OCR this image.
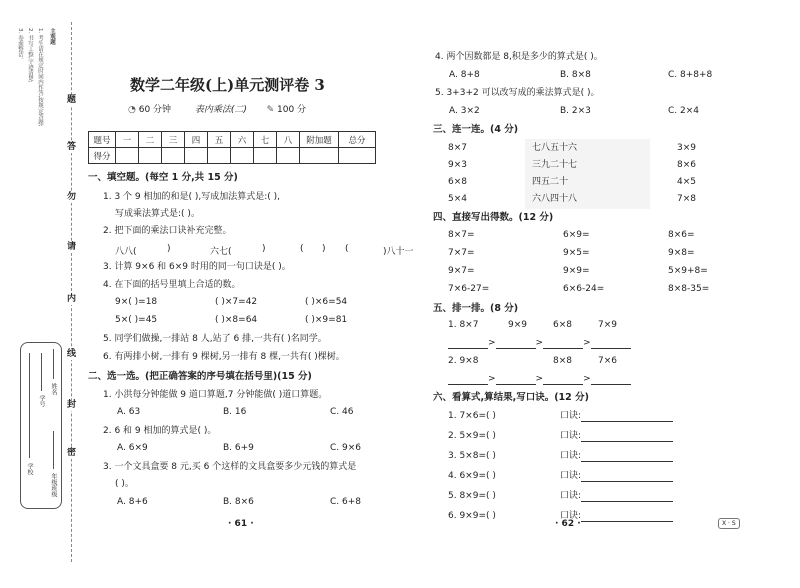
题
答
勿
请
内
线
封
密
主观题
1. 考生请在规定时间内作答,按规定答题;
2. 书写工整,字迹清楚;
3. 卷面整洁。
学校
年级班级
姓名
学号
数学二年级(上)单元测评卷 3
◔ 60 分钟	表内乘法(二) ✎ 100 分
题号	一	二	三	四	五	六	七	八	附加题	总分
得分										
一、填空题。(每空 1 分,共 15 分)
1. 3 个 9 相加的和是( ),写成加法算式是:( ),
写成乘法算式是:( )。
2. 把下面的乘法口诀补充完整。
八八(	)	六七(	)	( ) (	)八十一
3. 计算 9×6 和 6×9 时用的同一句口诀是( )。
4. 在下面的括号里填上合适的数。
9×( )=18	( )×7=42	( )×6=54
5×( )=45	( )×8=64	( )×9=81
5. 同学们做操,一排站 8 人,站了 6 排,一共有( )名同学。
6. 有两排小树,一排有 9 棵树,另一排有 8 棵,一共有( )棵树。
二、选一选。(把正确答案的序号填在括号里)(15 分)
1. 小洪每分钟能做 9 道口算题,7 分钟能做( )道口算题。
A. 63	B. 16	C. 46
2. 6 和 9 相加的算式是( )。
A. 6×9	B. 6+9	C. 9×6
3. 一个文具盒要 8 元,买 6 个这样的文具盒要多少元钱的算式是
( )。
A. 8+6	B. 8×6	C. 6+8
· 61 ·
4. 两个因数都是 8,积是多少的算式是( )。
A. 8+8	B. 8×8	C. 8+8+8
5. 3+3+2 可以改写成的乘法算式是( )。
A. 3×2	B. 2×3	C. 2×4
三、连一连。(4 分)
8×7
9×3
6×8
5×4
七八五十六
三九二十七
四五二十
六八四十八
3×9
8×6
4×5
7×8
四、直接写出得数。(12 分)
8×7=	6×9=	8×6=
7×7=	9×5=	9×8=
9×7=	9×9=	5×9+8=
7×6-27=	6×6-24=	8×8-35=
五、排一排。(8 分)
1. 8×7	9×9	6×8	7×9
>	>	>
2. 9×8	8×8	7×6
>	>	>
六、看算式,算结果,写口诀。(12 分)
1. 7×6=( )	口诀:
2. 5×9=( )	口诀:
3. 5×8=( )	口诀:
4. 6×9=( )	口诀:
5. 8×9=( )	口诀:
6. 9×9=( )	口诀:
· 62 ·	X · S
